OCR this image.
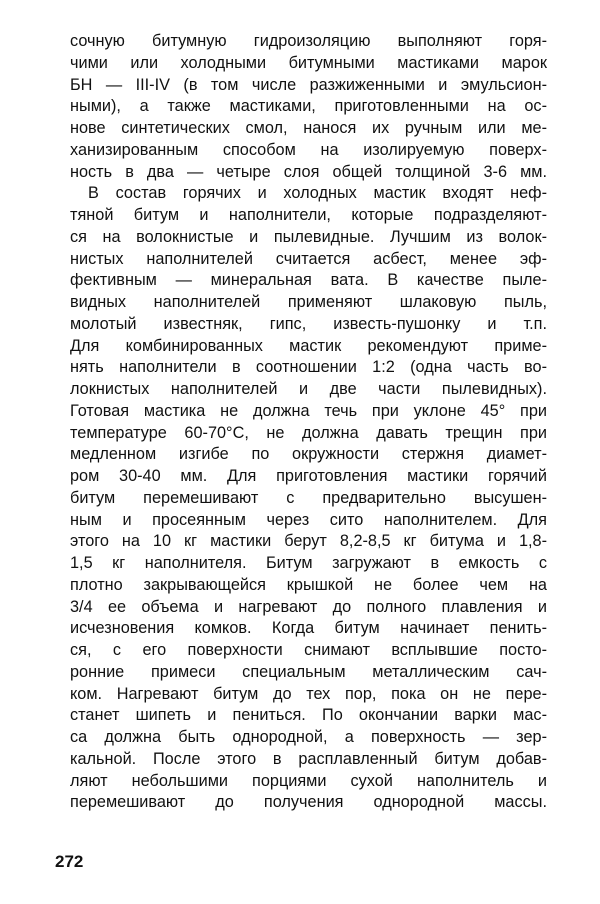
сочную битумную гидроизоляцию выполняют горя-
чими или холодными битумными мастиками марок
БН — III-IV (в том числе разжиженными и эмульсион-
ными), а также мастиками, приготовленными на ос-
нове синтетических смол, нанося их ручным или ме-
ханизированным способом на изолируемую поверх-
ность в два — четыре слоя общей толщиной 3-6 мм.
В состав горячих и холодных мастик входят неф-
тяной битум и наполнители, которые подразделяют-
ся на волокнистые и пылевидные. Лучшим из волок-
нистых наполнителей считается асбест, менее эф-
фективным — минеральная вата. В качестве пыле-
видных наполнителей применяют шлаковую пыль,
молотый известняк, гипс, известь-пушонку и т.п.
Для комбинированных мастик рекомендуют приме-
нять наполнители в соотношении 1:2 (одна часть во-
локнистых наполнителей и две части пылевидных).
Готовая мастика не должна течь при уклоне 45° при
температуре 60-70°С, не должна давать трещин при
медленном изгибе по окружности стержня диамет-
ром 30-40 мм. Для приготовления мастики горячий
битум перемешивают с предварительно высушен-
ным и просеянным через сито наполнителем. Для
этого на 10 кг мастики берут 8,2-8,5 кг битума и 1,8-
1,5 кг наполнителя. Битум загружают в емкость с
плотно закрывающейся крышкой не более чем на
3/4 ее объема и нагревают до полного плавления и
исчезновения комков. Когда битум начинает пенить-
ся, с его поверхности снимают всплывшие посто-
ронние примеси специальным металлическим сач-
ком. Нагревают битум до тех пор, пока он не пере-
станет шипеть и пениться. По окончании варки мас-
са должна быть однородной, а поверхность — зер-
кальной. После этого в расплавленный битум добав-
ляют небольшими порциями сухой наполнитель и
перемешивают до получения однородной массы.
272
